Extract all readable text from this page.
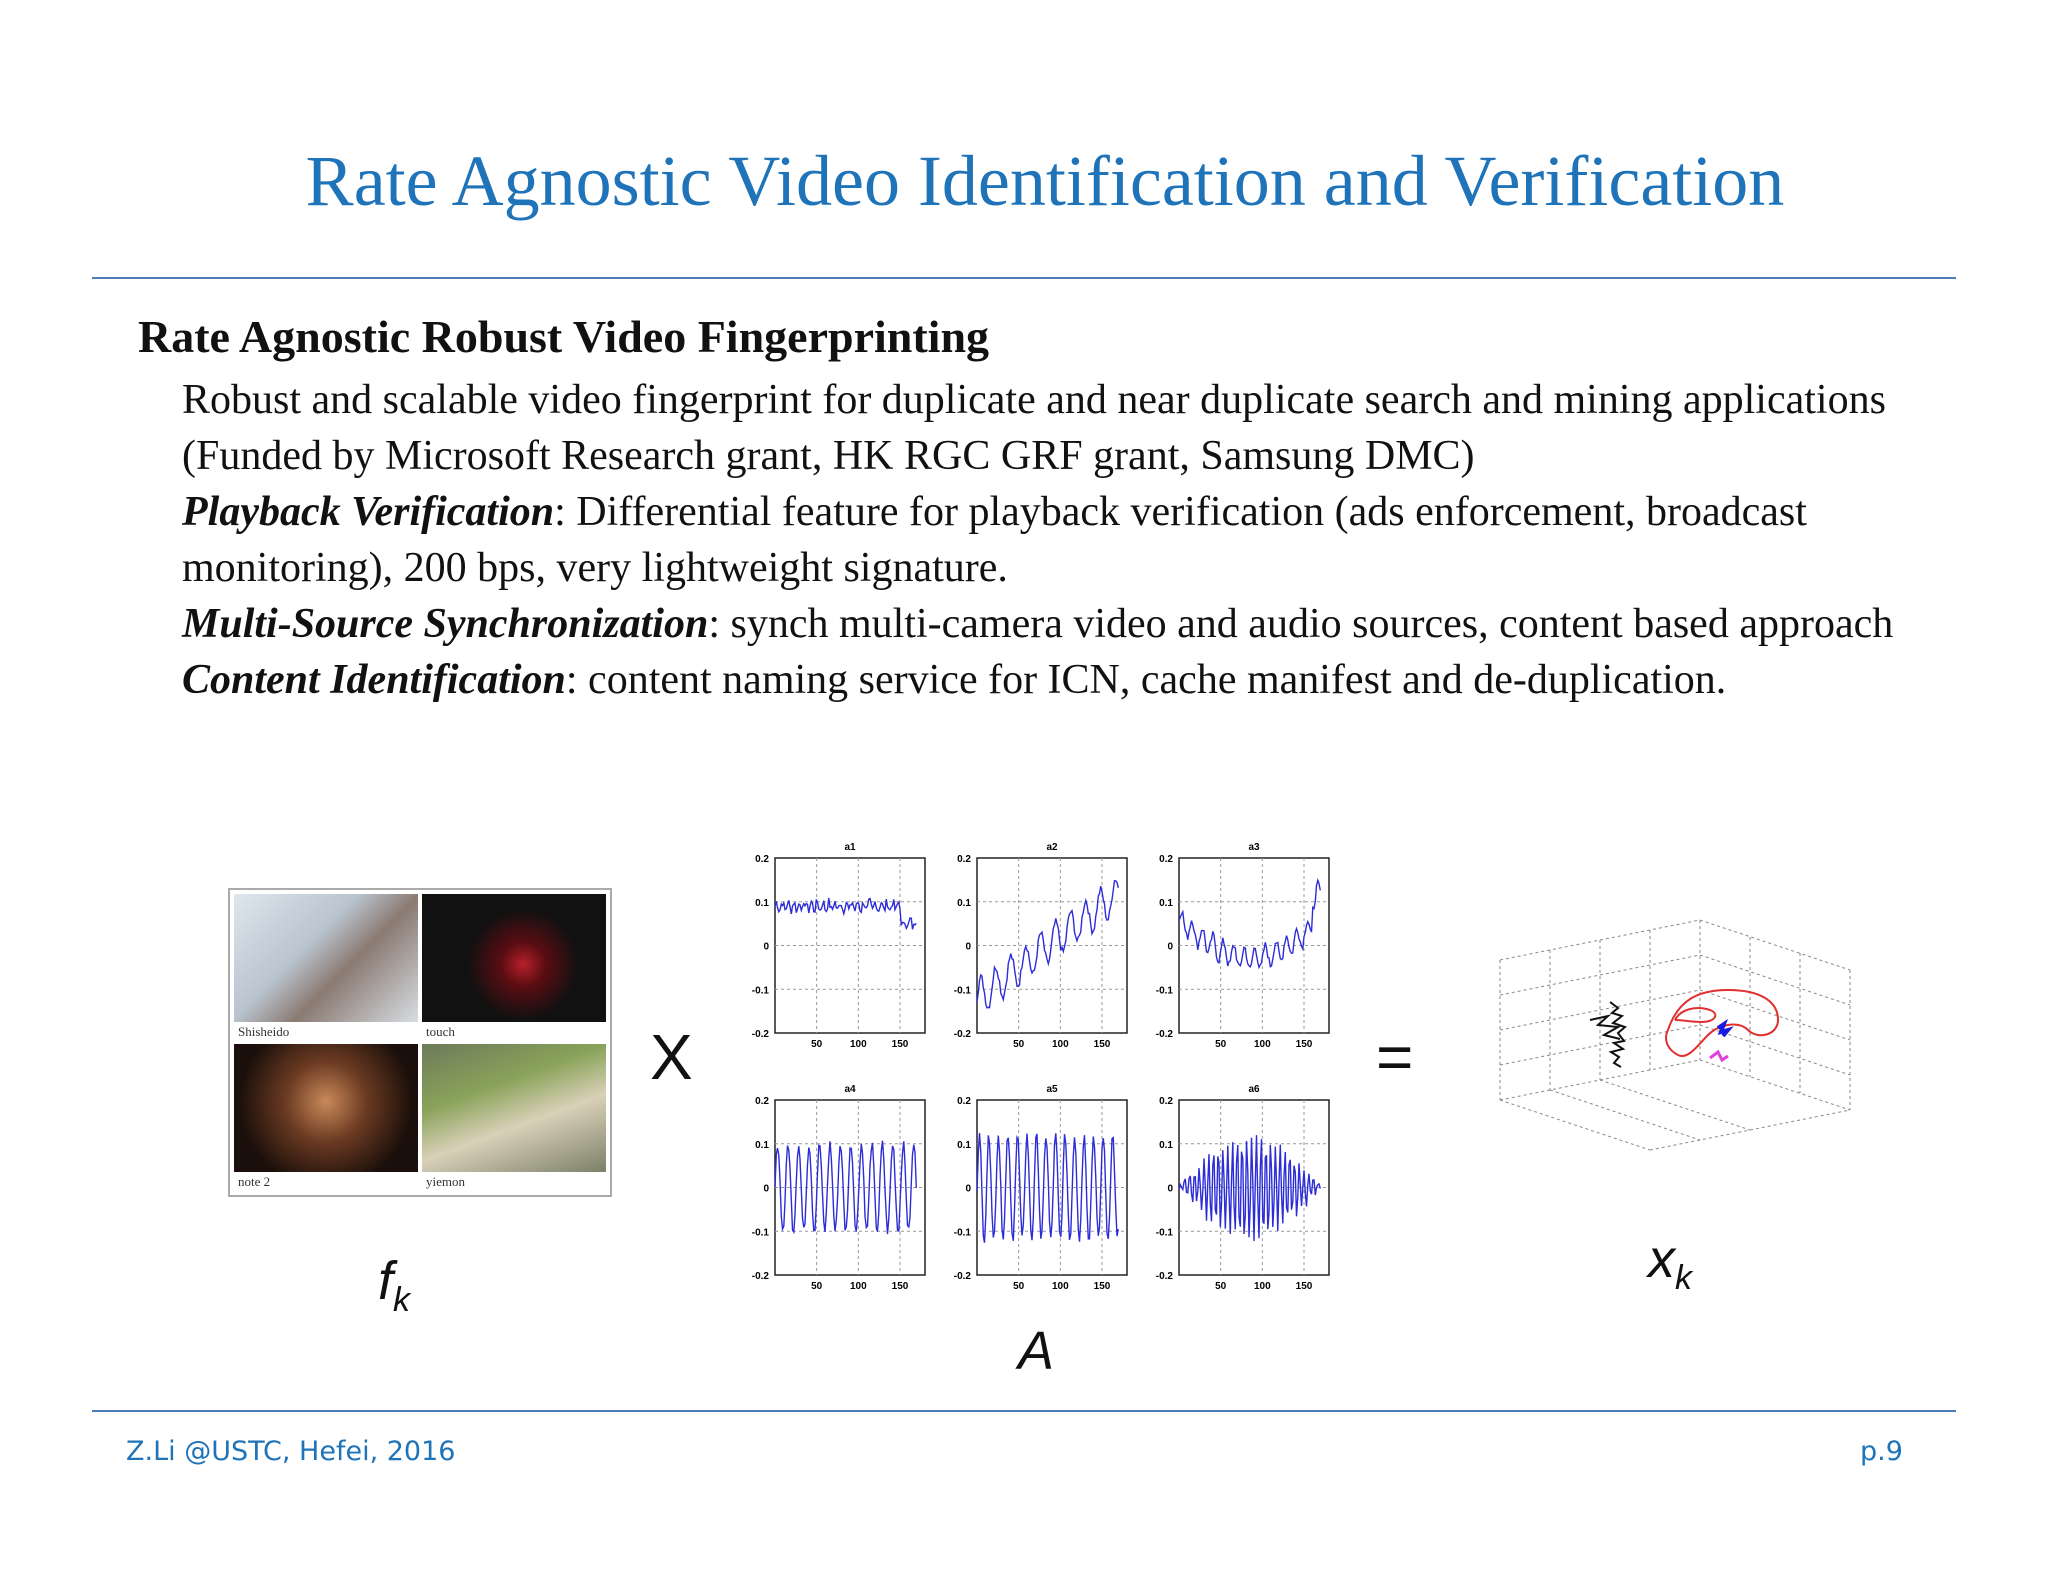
Rate Agnostic Video Identification and Verification
Rate Agnostic Robust Video Fingerprinting

Robust and scalable video fingerprint for duplicate and near duplicate search and mining applications (Funded by Microsoft Research grant, HK RGC GRF grant, Samsung DMC)

Playback Verification: Differential feature for playback verification (ads enforcement, broadcast monitoring), 200 bps, very lightweight signature.

Multi-Source Synchronization: synch multi-camera video and audio sources, content based approach

Content Identification: content naming service for ICN, cache manifest and de-duplication.

Shisheido	touch
note 2	yiemon
$f_k$
X
0.2
0.1
0
-0.1
-0.2
50	100 150
a1
0.2
0.1
0
-0.1
-0.2
50	100 150
a2
0.2
0.1
0
-0.1
-0.2
50	100 150
a3
0.2
0.1
0
-0.1
-0.2
50	100 150
a4
0.2
0.1
0
-0.1
-0.2
50	100 150
a5
0.2
0.1
0
-0.1
-0.2
50	100 150
a6
A
=
$x_k$
Z.Li @USTC, Hefei, 2016	p.9
